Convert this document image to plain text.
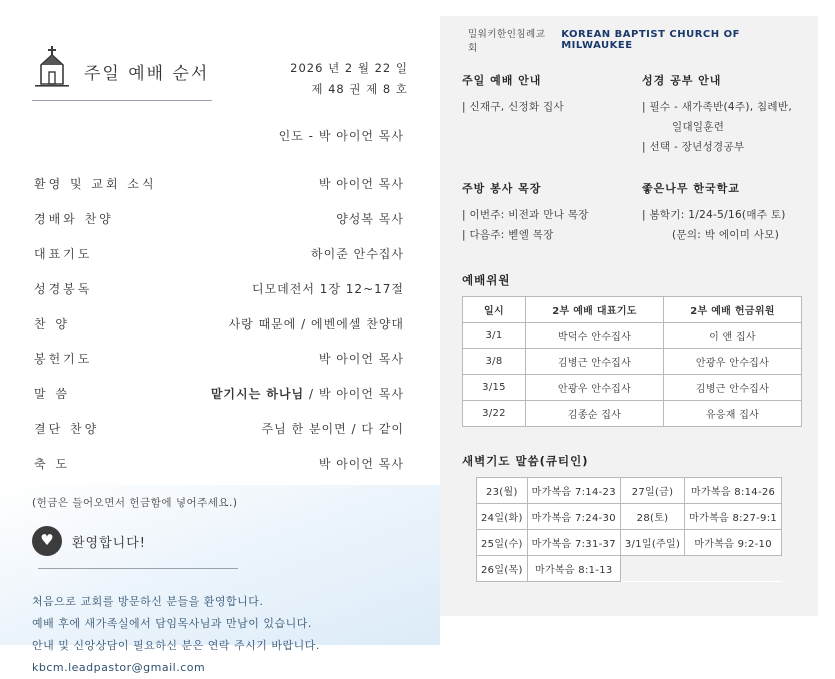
주일 예배 순서	2026 년 2 월 22 일
제 48 권 제 8 호
인도 - 박 아이언 목사
환영 및 교회 소식	박 아이언 목사
경배와 찬양	양성복 목사
대표기도	하이준 안수집사
성경봉독	디모데전서 1장 12~17절
찬 양	사랑 때문에 / 에벤에셀 찬양대
봉헌기도	박 아이언 목사
말 씀	맡기시는 하나님 / 박 아이언 목사
결단 찬양	주님 한 분이면 / 다 같이
축 도	박 아이언 목사
(헌금은 들어오면서 헌금함에 넣어주세요.)
♥
환영합니다!
처음으로 교회를 방문하신 분들을 환영합니다.
예배 후에 새가족실에서 담임목사님과 만남이 있습니다.
안내 및 신앙상담이 필요하신 분은 연락 주시기 바랍니다.
kbcm.leadpastor@gmail.com
밀워키한인침례교회
KOREAN BAPTIST CHURCH OF MILWAUKEE
주일 예배 안내
| 신재구, 신정화 집사
성경 공부 안내
| 필수 - 새가족반(4주), 침례반,
일대일훈련
| 선택 - 장년성경공부
주방 봉사 목장
| 이번주: 비전과 만나 목장
| 다음주: 벧엘 목장
좋은나무 한국학교
| 봄학기: 1/24-5/16(매주 토)
(문의: 박 에이미 사모)
예배위원
일시	2부 예배 대표기도	2부 예배 헌금위원
3/1	박덕수 안수집사	이 앤 집사
3/8	김병근 안수집사	안광우 안수집사
3/15	안광우 안수집사	김병근 안수집사
3/22	김종순 집사	유응재 집사
새벽기도 말씀(큐티인)
23(월)	마가복음 7:14-23	27일(금)	마가복음 8:14-26
24일(화)	마가복음 7:24-30	28(토)	마가복음 8:27-9:1
25일(수)	마가복음 7:31-37	3/1일(주일)	마가복음 9:2-10
26일(목)	마가복음 8:1-13		
